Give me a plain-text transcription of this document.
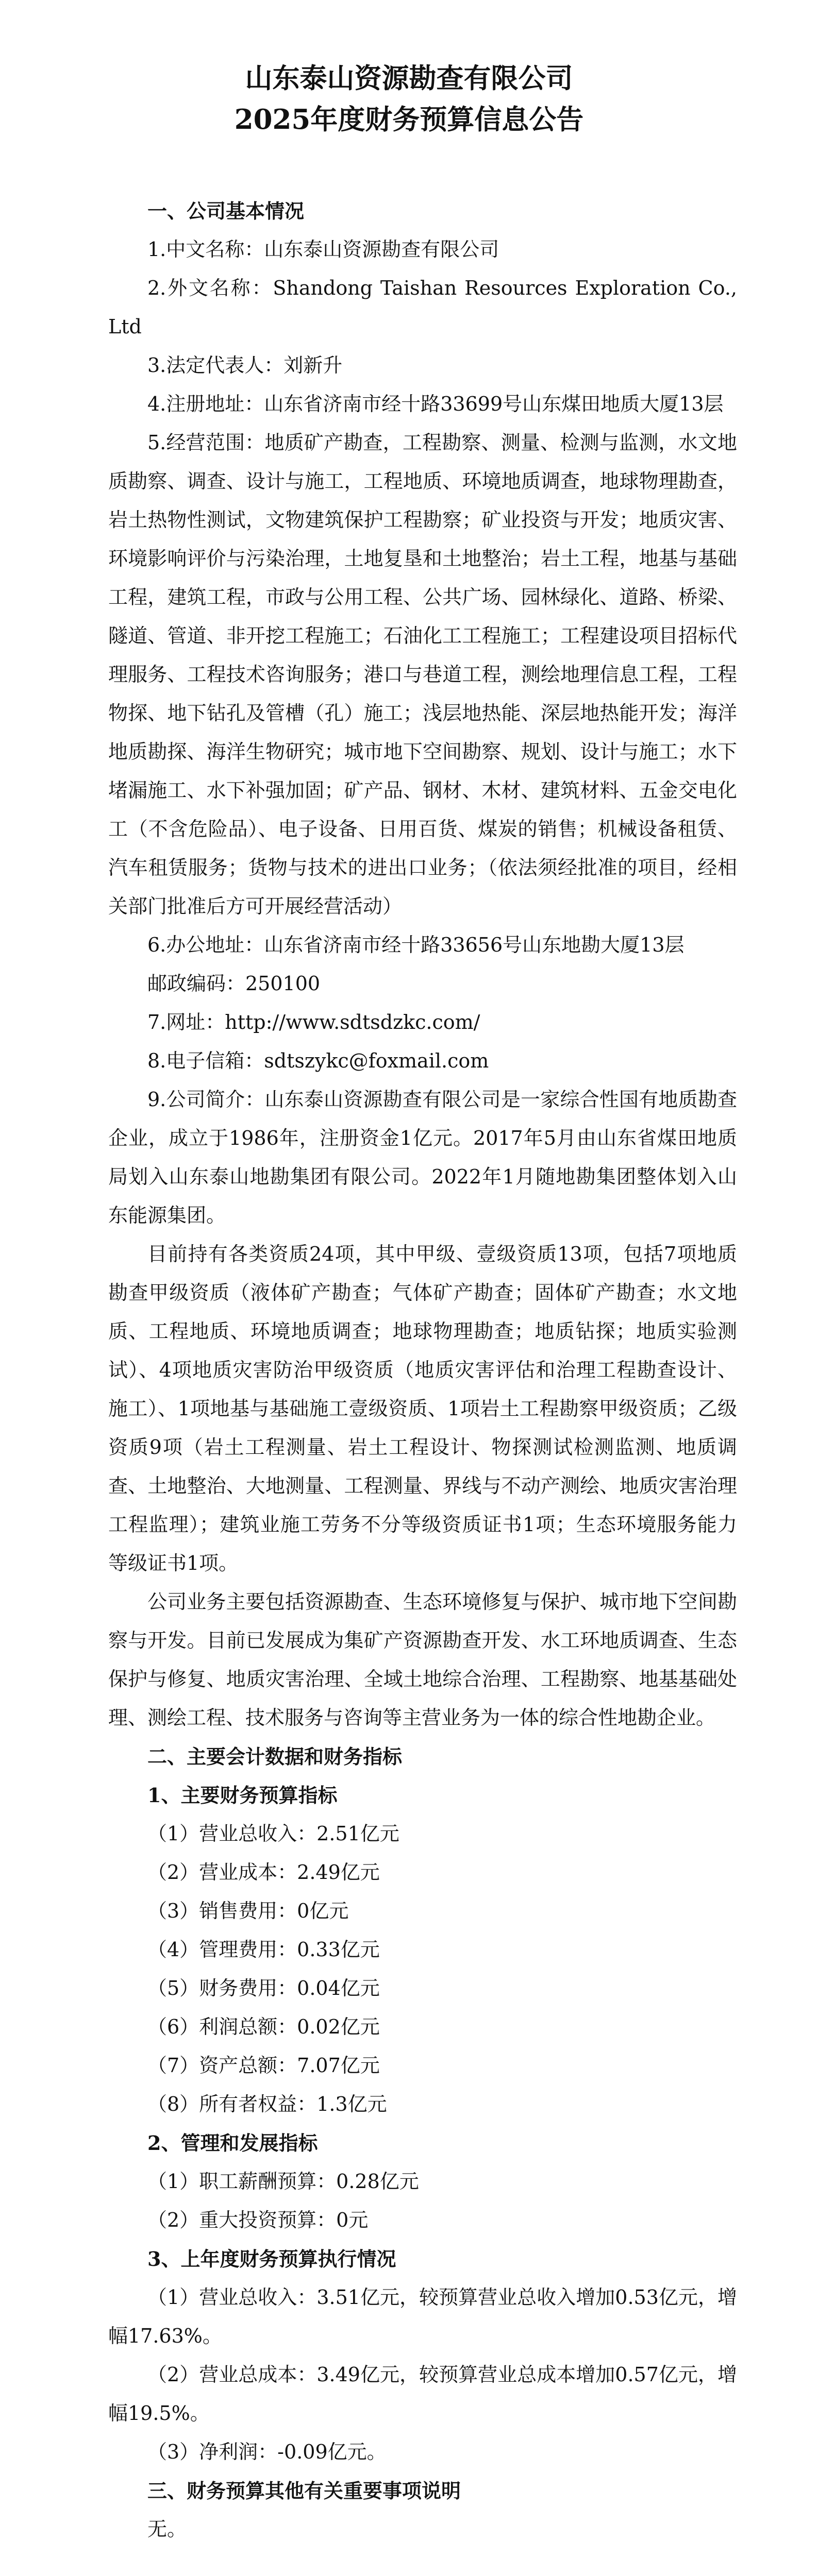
山东泰山资源勘查有限公司
2025年度财务预算信息公告

一、公司基本情况

1.中文名称：山东泰山资源勘查有限公司

2.外文名称：Shandong Taishan Resources Exploration Co., Ltd

3.法定代表人：刘新升

4.注册地址：山东省济南市经十路33699号山东煤田地质大厦13层

5.经营范围：地质矿产勘查，工程勘察、测量、检测与监测，水文地质勘察、调查、设计与施工，工程地质、环境地质调查，地球物理勘查，岩土热物性测试，文物建筑保护工程勘察；矿业投资与开发；地质灾害、环境影响评价与污染治理，土地复垦和土地整治；岩土工程，地基与基础工程，建筑工程，市政与公用工程、公共广场、园林绿化、道路、桥梁、隧道、管道、非开挖工程施工；石油化工工程施工；工程建设项目招标代理服务、工程技术咨询服务；港口与巷道工程，测绘地理信息工程，工程物探、地下钻孔及管槽（孔）施工；浅层地热能、深层地热能开发；海洋地质勘探、海洋生物研究；城市地下空间勘察、规划、设计与施工；水下堵漏施工、水下补强加固；矿产品、钢材、木材、建筑材料、五金交电化工（不含危险品）、电子设备、日用百货、煤炭的销售；机械设备租赁、汽车租赁服务；货物与技术的进出口业务；（依法须经批准的项目，经相关部门批准后方可开展经营活动）

6.办公地址：山东省济南市经十路33656号山东地勘大厦13层

邮政编码：250100

7.网址：http://www.sdtsdzkc.com/

8.电子信箱：sdtszykc@foxmail.com

9.公司简介：山东泰山资源勘查有限公司是一家综合性国有地质勘查企业，成立于1986年，注册资金1亿元。2017年5月由山东省煤田地质局划入山东泰山地勘集团有限公司。2022年1月随地勘集团整体划入山东能源集团。

目前持有各类资质24项，其中甲级、壹级资质13项，包括7项地质勘查甲级资质（液体矿产勘查；气体矿产勘查；固体矿产勘查；水文地质、工程地质、环境地质调查；地球物理勘查；地质钻探；地质实验测试）、4项地质灾害防治甲级资质（地质灾害评估和治理工程勘查设计、施工）、1项地基与基础施工壹级资质、1项岩土工程勘察甲级资质；乙级资质9项（岩土工程测量、岩土工程设计、物探测试检测监测、地质调查、土地整治、大地测量、工程测量、界线与不动产测绘、地质灾害治理工程监理）；建筑业施工劳务不分等级资质证书1项；生态环境服务能力等级证书1项。

公司业务主要包括资源勘查、生态环境修复与保护、城市地下空间勘察与开发。目前已发展成为集矿产资源勘查开发、水工环地质调查、生态保护与修复、地质灾害治理、全域土地综合治理、工程勘察、地基基础处理、测绘工程、技术服务与咨询等主营业务为一体的综合性地勘企业。

二、主要会计数据和财务指标

1、主要财务预算指标

（1）营业总收入：2.51亿元

（2）营业成本：2.49亿元

（3）销售费用：0亿元

（4）管理费用：0.33亿元

（5）财务费用：0.04亿元

（6）利润总额：0.02亿元

（7）资产总额：7.07亿元

（8）所有者权益：1.3亿元

2、管理和发展指标

（1）职工薪酬预算：0.28亿元

（2）重大投资预算：0元

3、上年度财务预算执行情况

（1）营业总收入：3.51亿元，较预算营业总收入增加0.53亿元，增幅17.63%。

（2）营业总成本：3.49亿元，较预算营业总成本增加0.57亿元，增幅19.5%。

（3）净利润：-0.09亿元。

三、财务预算其他有关重要事项说明

无。
